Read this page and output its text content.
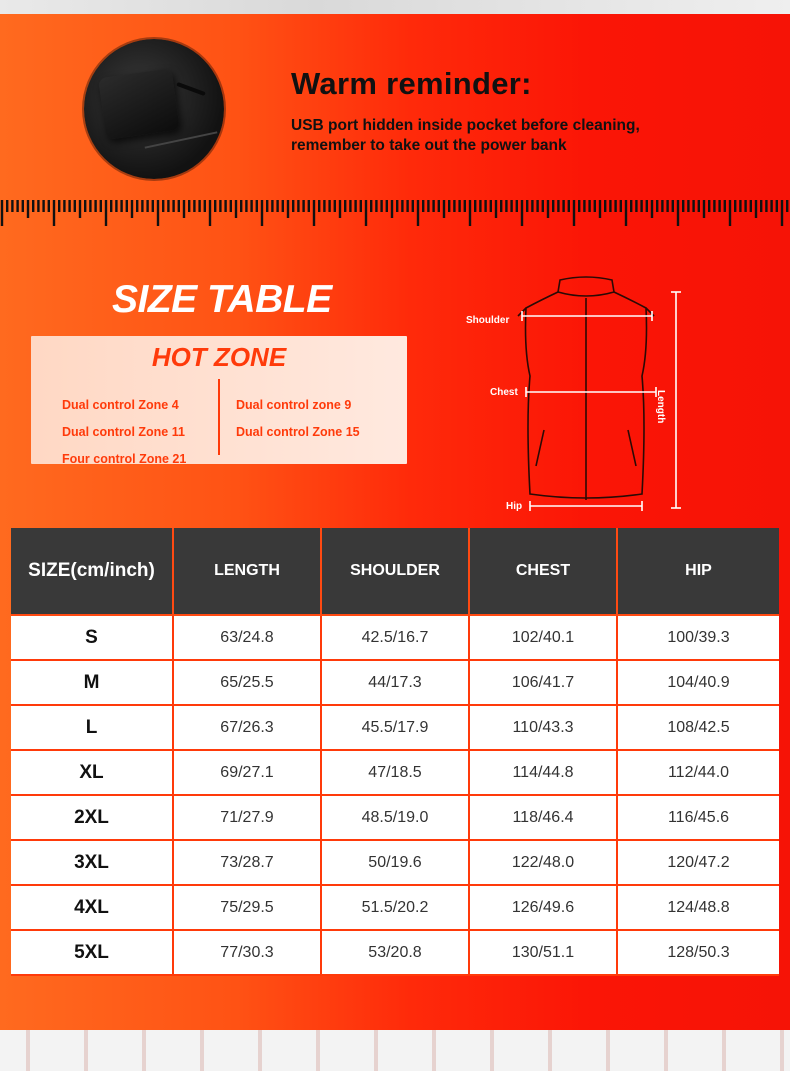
Warm reminder:

USB port hidden inside pocket before cleaning,
remember to take out the power bank

SIZE TABLE
HOT ZONE
Dual control Zone 4
Dual control Zone 11
Four control Zone 21
Dual control zone 9
Dual control Zone 15
Shoulder
Chest
Hip
Length
SIZE(cm/inch)	LENGTH	SHOULDER	CHEST	HIP
S	63/24.8	42.5/16.7	102/40.1	100/39.3
M	65/25.5	44/17.3	106/41.7	104/40.9
L	67/26.3	45.5/17.9	110/43.3	108/42.5
XL	69/27.1	47/18.5	114/44.8	112/44.0
2XL	71/27.9	48.5/19.0	118/46.4	116/45.6
3XL	73/28.7	50/19.6	122/48.0	120/47.2
4XL	75/29.5	51.5/20.2	126/49.6	124/48.8
5XL	77/30.3	53/20.8	130/51.1	128/50.3
